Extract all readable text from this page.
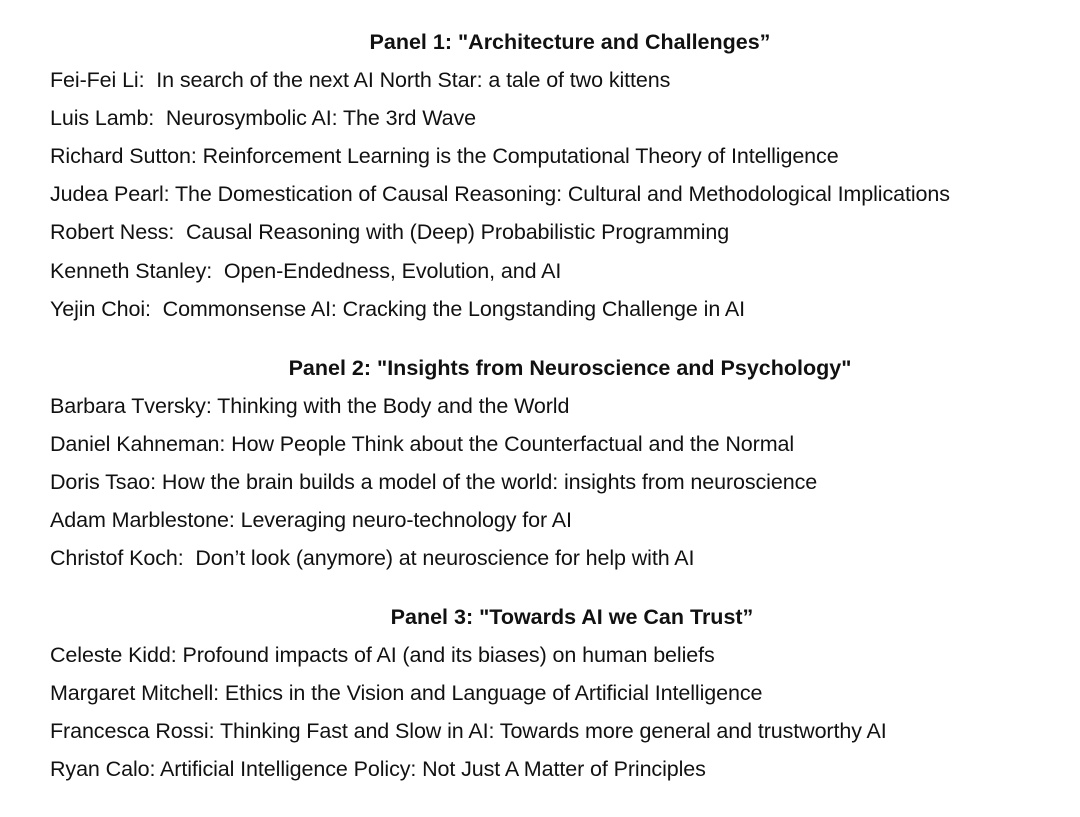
Panel 1: "Architecture and Challenges”
Fei-Fei Li:  In search of the next AI North Star: a tale of two kittens
Luis Lamb:  Neurosymbolic AI: The 3rd Wave
Richard Sutton: Reinforcement Learning is the Computational Theory of Intelligence
Judea Pearl: The Domestication of Causal Reasoning: Cultural and Methodological Implications
Robert Ness:  Causal Reasoning with (Deep) Probabilistic Programming
Kenneth Stanley:  Open-Endedness, Evolution, and AI
Yejin Choi:  Commonsense AI: Cracking the Longstanding Challenge in AI
Panel 2: "Insights from Neuroscience and Psychology"
Barbara Tversky: Thinking with the Body and the World
Daniel Kahneman: How People Think about the Counterfactual and the Normal
Doris Tsao: How the brain builds a model of the world: insights from neuroscience
Adam Marblestone: Leveraging neuro-technology for AI
Christof Koch:  Don’t look (anymore) at neuroscience for help with AI
Panel 3: "Towards AI we Can Trust”
Celeste Kidd: Profound impacts of AI (and its biases) on human beliefs
Margaret Mitchell: Ethics in the Vision and Language of Artificial Intelligence
Francesca Rossi: Thinking Fast and Slow in AI: Towards more general and trustworthy AI
Ryan Calo: Artificial Intelligence Policy: Not Just A Matter of Principles
